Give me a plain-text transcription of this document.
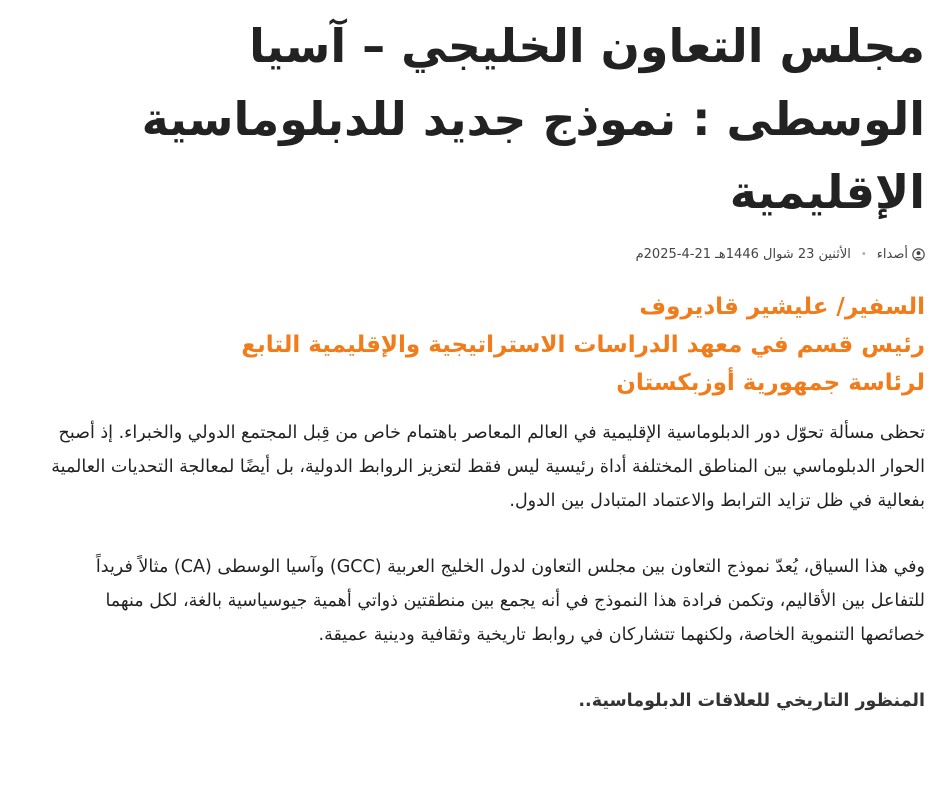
مجلس التعاون الخليجي – آسيا
الوسطى : نموذج جديد للدبلوماسية
الإقليمية
أصداء
•
الأثنين 23 شوال 1446هـ 21-4-2025م
السفير/ عليشير قاديروف
رئيس قسم في معهد الدراسات الاستراتيجية والإقليمية التابع
لرئاسة جمهورية أوزبكستان

تحظى مسألة تحوّل دور الدبلوماسية الإقليمية في العالم المعاصر باهتمام خاص من قِبل المجتمع الدولي والخبراء. إذ أصبح الحوار الدبلوماسي بين المناطق المختلفة أداة رئيسية ليس فقط لتعزيز الروابط الدولية، بل أيضًا لمعالجة التحديات العالمية بفعالية في ظل تزايد الترابط والاعتماد المتبادل بين الدول.

وفي هذا السياق، يُعدّ نموذج التعاون بين مجلس التعاون لدول الخليج العربية (GCC) وآسيا الوسطى (CA) مثالاً فريداً للتفاعل بين الأقاليم، وتكمن فرادة هذا النموذج في أنه يجمع بين منطقتين ذواتي أهمية جيوسياسية بالغة، لكل منهما خصائصها التنموية الخاصة، ولكنهما تتشاركان في روابط تاريخية وثقافية ودينية عميقة.

المنظور التاريخي للعلاقات الدبلوماسية..
